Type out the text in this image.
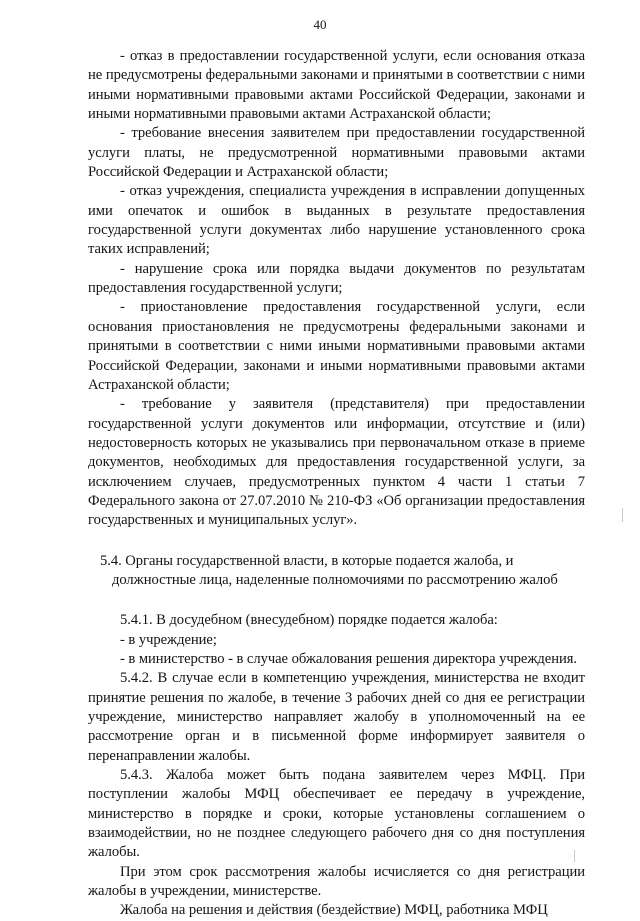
40

- отказ в предоставлении государственной услуги, если основания отказа не предусмотрены федеральными законами и принятыми в соответствии с ними иными нормативными правовыми актами Российской Федерации, законами и иными нормативными правовыми актами Астраханской области;

- требование внесения заявителем при предоставлении государственной услуги платы, не предусмотренной нормативными правовыми актами Российской Федерации и Астраханской области;

- отказ учреждения, специалиста учреждения в исправлении допущенных ими опечаток и ошибок в выданных в результате предоставления государственной услуги документах либо нарушение установленного срока таких исправлений;

- нарушение срока или порядка выдачи документов по результатам предоставления государственной услуги;

- приостановление предоставления государственной услуги, если основания приостановления не предусмотрены федеральными законами и принятыми в соответствии с ними иными нормативными правовыми актами Российской Федерации, законами и иными нормативными правовыми актами Астраханской области;

- требование у заявителя (представителя) при предоставлении государственной услуги документов или информации, отсутствие и (или) недостоверность которых не указывались при первоначальном отказе в приеме документов, необходимых для предоставления государственной услуги, за исключением случаев, предусмотренных пунктом 4 части 1 статьи 7 Федерального закона от 27.07.2010 № 210-ФЗ «Об организации предоставления государственных и муниципальных услуг».

5.4. Органы государственной власти, в которые подается жалоба, и должностные лица, наделенные полномочиями по рассмотрению жалоб

5.4.1. В досудебном (внесудебном) порядке подается жалоба:

- в учреждение;

- в министерство - в случае обжалования решения директора учреждения.

5.4.2. В случае если в компетенцию учреждения, министерства не входит принятие решения по жалобе, в течение 3 рабочих дней со дня ее регистрации учреждение, министерство направляет жалобу в уполномоченный на ее рассмотрение орган и в письменной форме информирует заявителя о перенаправлении жалобы.

5.4.3. Жалоба может быть подана заявителем через МФЦ. При поступлении жалобы МФЦ обеспечивает ее передачу в учреждение, министерство в порядке и сроки, которые установлены соглашением о взаимодействии, но не позднее следующего рабочего дня со дня поступления жалобы.

При этом срок рассмотрения жалобы исчисляется со дня регистрации жалобы в учреждении, министерстве.

Жалоба на решения и действия (бездействие) МФЦ, работника МФЦ
